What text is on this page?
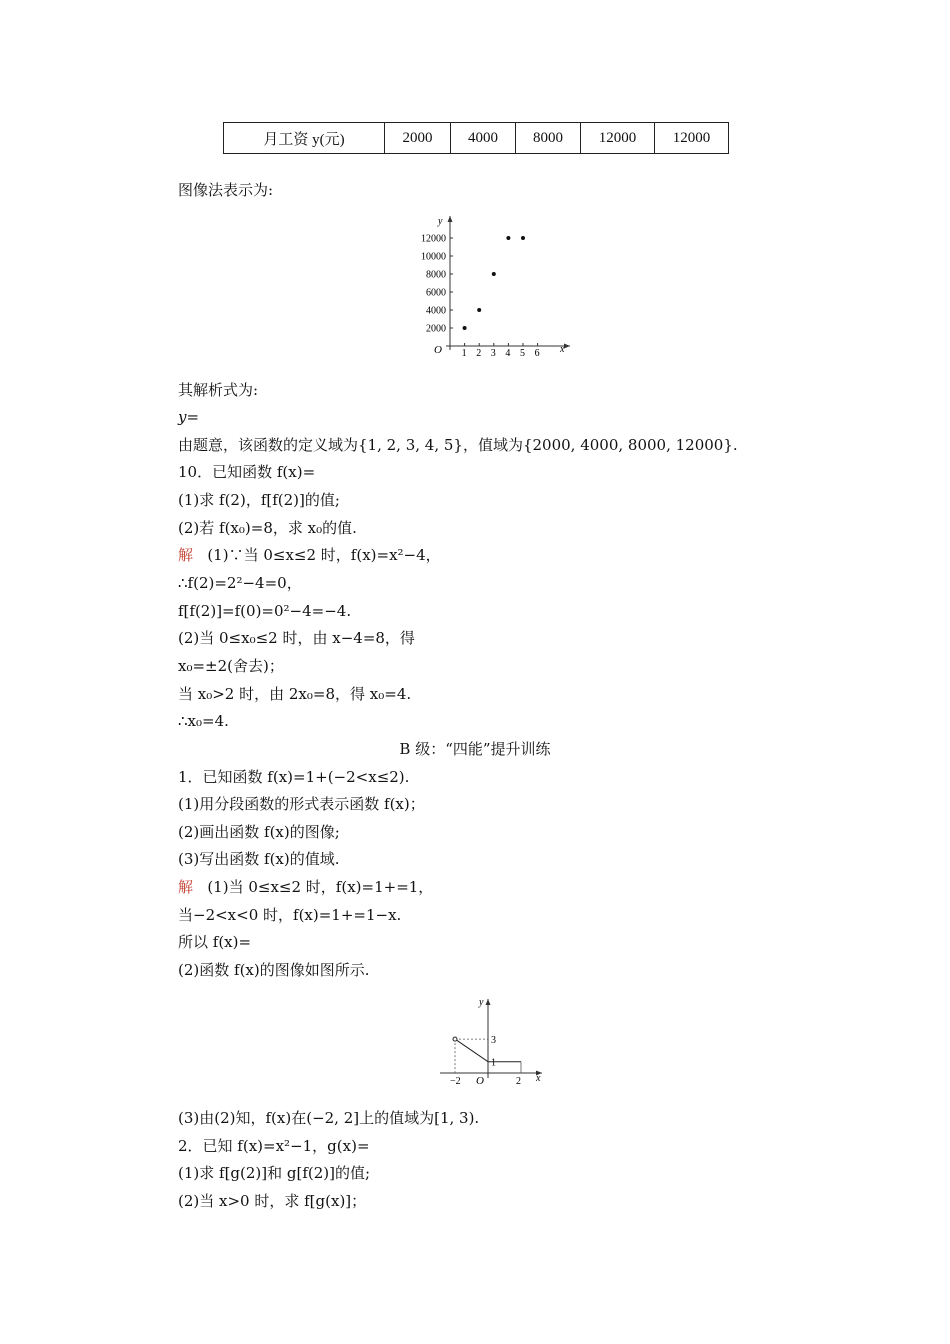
月工资 y(元)	2000	4000	8000	12000	12000
图像法表示为:
1 2 3 4 5 6
2000
4000
6000
8000
10000
12000
y
x
O
其解析式为:
y=
由题意，该函数的定义域为{1, 2, 3, 4, 5}，值域为{2000, 4000, 8000, 12000}.
10．已知函数 f(x)=
(1)求 f(2)，f[f(2)]的值;
(2)若 f(x₀)=8，求 x₀的值.
解 (1)∵当 0≤x≤2 时，f(x)=x²−4，
∴f(2)=2²−4=0，
f[f(2)]=f(0)=0²−4=−4.
(2)当 0≤x₀≤2 时，由 x−4=8，得
x₀=±2(舍去)；
当 x₀>2 时，由 2x₀=8，得 x₀=4.
∴x₀=4.
B 级：“四能”提升训练
1．已知函数 f(x)=1+(−2<x≤2).
(1)用分段函数的形式表示函数 f(x)；
(2)画出函数 f(x)的图像;
(3)写出函数 f(x)的值域.
解 (1)当 0≤x≤2 时，f(x)=1+=1，
当−2<x<0 时，f(x)=1+=1−x.
所以 f(x)=
(2)函数 f(x)的图像如图所示.
−2	2
1
3
y
x
O
(3)由(2)知，f(x)在(−2, 2]上的值域为[1, 3).
2．已知 f(x)=x²−1，g(x)=
(1)求 f[g(2)]和 g[f(2)]的值;
(2)当 x>0 时，求 f[g(x)]；
